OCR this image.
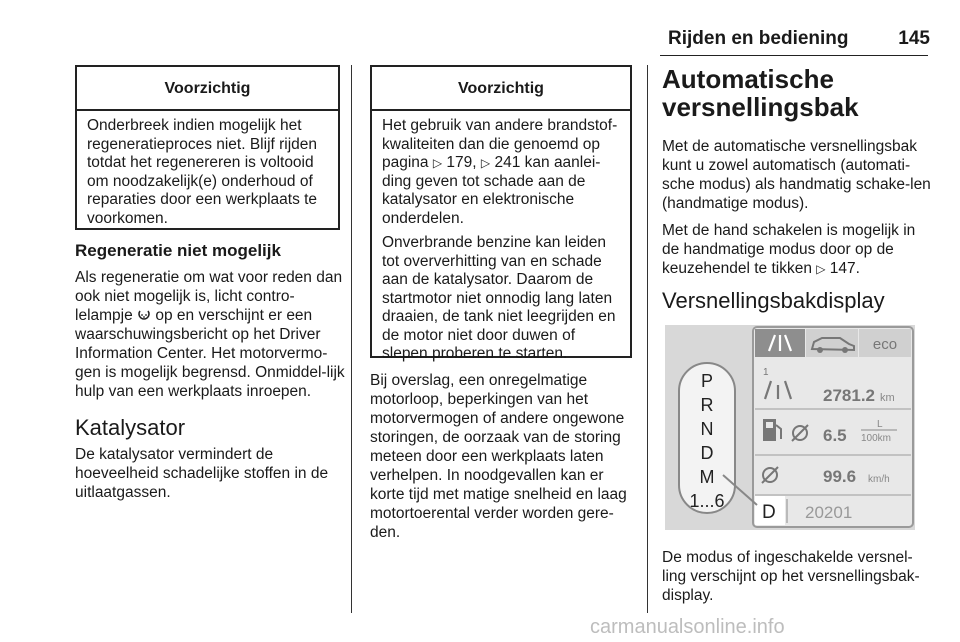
Rijden en bediening	145
Voorzichtig

Onderbreek indien mogelijk het regeneratieproces niet. Blijf rijden totdat het regenereren is voltooid om noodzakelijk(e) onderhoud of reparaties door een werkplaats te voorkomen.

Regeneratie niet mogelijk
Als regeneratie om wat voor reden dan ook niet mogelijk is, licht contro-lelampje op en verschijnt er een waarschuwingsbericht op het Driver Information Center. Het motorvermo-gen is mogelijk begrensd. Onmiddel-lijk hulp van een werkplaats inroepen.
Katalysator
De katalysator vermindert de hoeveelheid schadelijke stoffen in de uitlaatgassen.
Voorzichtig

Het gebruik van andere brandstof-kwaliteiten dan die genoemd op pagina ▷ 179, ▷ 241 kan aanlei-ding geven tot schade aan de katalysator en elektronische onderdelen.

Onverbrande benzine kan leiden tot oververhitting van en schade aan de katalysator. Daarom de startmotor niet onnodig lang laten draaien, de tank niet leegrijden en de motor niet door duwen of slepen proberen te starten.

Bij overslag, een onregelmatige motorloop, beperkingen van het motorvermogen of andere ongewone storingen, de oorzaak van de storing meteen door een werkplaats laten verhelpen. In noodgevallen kan er korte tijd met matige snelheid en laag motortoerental verder worden gere-den.
Automatische versnellingsbak

Met de automatische versnellingsbak kunt u zowel automatisch (automati-sche modus) als handmatig schake-len (handmatige modus).

Met de hand schakelen is mogelijk in de handmatige modus door op de keuzehendel te tikken ▷ 147.

Versnellingsbakdisplay
eco
1
2781.2 km
6.5
L
100km
99.6 km/h
D 20201
P
R
N
D
M
1...6
De modus of ingeschakelde versnel-ling verschijnt op het versnellingsbak-display.
carmanualsonline.info
